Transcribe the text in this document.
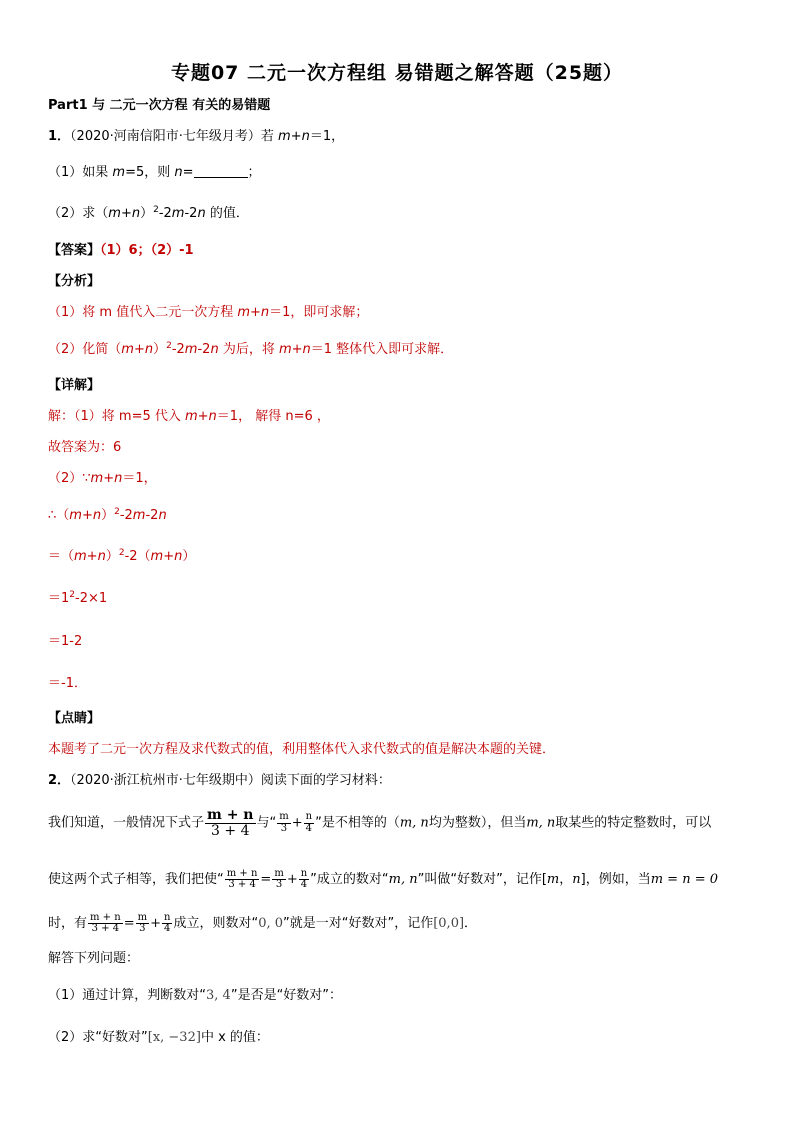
专题07 二元一次方程组 易错题之解答题（25题）
Part1 与 二元一次方程 有关的易错题
1．（2020·河南信阳市·七年级月考）若 m+n＝1，
（1）如果 m=5，则 n=	；
（2）求$(m+n)^2-2m-2n$ 的值．
【答案】（1）6；（2）-1
【分析】
（1）将 m 值代入二元一次方程 m+n＝1，即可求解；
（2）化简$(m+n)^2-2m-2n$ 为后，将 m+n＝1 整体代入即可求解．
【详解】
解：（1）将 m=5 代入 m+n＝1， 解得 n=6 ，
故答案为：6
（2）∵m+n＝1，
$\therefore(m+n)^2-2m-2n$
$=(m+n)^2-2(m+n)$
$=1^2-2\times 1$
＝1-2
＝-1．
【点睛】
本题考了二元一次方程及求代数式的值，利用整体代入求代数式的值是解决本题的关键．
2．（2020·浙江杭州市·七年级期中）阅读下面的学习材料：
我们知道，一般情况下式子 $\frac{m + n}{3 + 4}$ 与“ $\frac{m}{3} + \frac{n}{4}$ ”是不相等的（m, n均为整数），但当m, n取某些的特定整数时，可以
使这两个式子相等，我们把使“ $\frac{m + n}{3 + 4} = \frac{m}{3} + \frac{n}{4}$ ”成立的数对“m, n”叫做“好数对”，记作[m，n]，例如，当m = n = 0
时，有 $\frac{m + n}{3 + 4} = \frac{m}{3} + \frac{n}{4}$ 成立，则数对“0, 0”就是一对“好数对”，记作[0,0]．
解答下列问题：
（1）通过计算，判断数对“3, 4”是否是“好数对”：
（2）求“好数对”[x, −32]中 x 的值：
